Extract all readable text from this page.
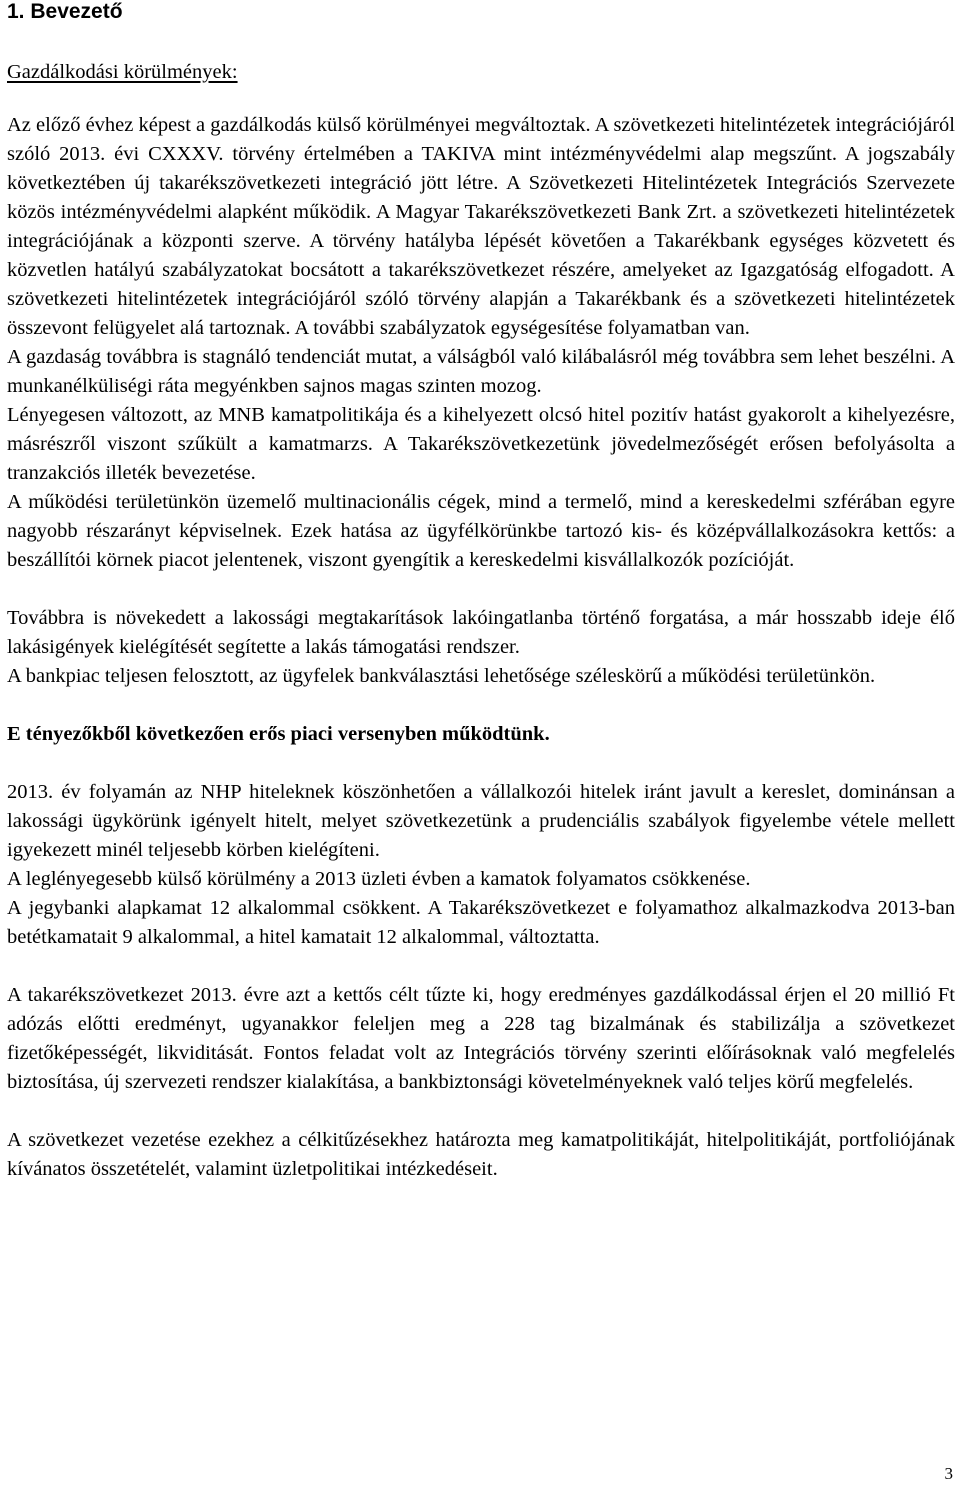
1. Bevezető
Gazdálkodási körülmények:

Az előző évhez képest a gazdálkodás külső körülményei megváltoztak. A szövetkezeti hitelintézetek integrációjáról szóló 2013. évi CXXXV. törvény értelmében a TAKIVA mint intézményvédelmi alap megszűnt. A jogszabály következtében új takarékszövetkezeti integráció jött létre. A Szövetkezeti Hitelintézetek Integrációs Szervezete közös intézményvédelmi alapként működik. A Magyar Takarékszövetkezeti Bank Zrt. a szövetkezeti hitelintézetek integrációjának a központi szerve. A törvény hatályba lépését követően a Takarékbank egységes közvetett és közvetlen hatályú szabályzatokat bocsátott a takarékszövetkezet részére, amelyeket az Igazgatóság elfogadott. A szövetkezeti hitelintézetek integrációjáról szóló törvény alapján a Takarékbank és a szövetkezeti hitelintézetek összevont felügyelet alá tartoznak. A további szabályzatok egységesítése folyamatban van.

A gazdaság továbbra is stagnáló tendenciát mutat, a válságból való kilábalásról még továbbra sem lehet beszélni. A munkanélküliségi ráta megyénkben sajnos magas szinten mozog.

Lényegesen változott, az MNB kamatpolitikája és a kihelyezett olcsó hitel pozitív hatást gyakorolt a kihelyezésre, másrészről viszont szűkült a kamatmarzs. A Takarékszövetkezetünk jövedelmezőségét erősen befolyásolta a tranzakciós illeték bevezetése.

A működési területünkön üzemelő multinacionális cégek, mind a termelő, mind a kereskedelmi szférában egyre nagyobb részarányt képviselnek. Ezek hatása az ügyfélkörünkbe tartozó kis- és középvállalkozásokra kettős: a beszállítói körnek piacot jelentenek, viszont gyengítik a kereskedelmi kisvállalkozók pozícióját.

Továbbra is növekedett a lakossági megtakarítások lakóingatlanba történő forgatása, a már hosszabb ideje élő lakásigények kielégítését segítette a lakás támogatási rendszer.

A bankpiac teljesen felosztott, az ügyfelek bankválasztási lehetősége széleskörű a működési területünkön.

E tényezőkből következően erős piaci versenyben működtünk.

2013. év folyamán az NHP hiteleknek köszönhetően a vállalkozói hitelek iránt javult a kereslet, dominánsan a lakossági ügykörünk igényelt hitelt, melyet szövetkezetünk a prudenciális szabályok figyelembe vétele mellett igyekezett minél teljesebb körben kielégíteni.

A leglényegesebb külső körülmény a 2013 üzleti évben a kamatok folyamatos csökkenése.

A jegybanki alapkamat 12 alkalommal csökkent. A Takarékszövetkezet e folyamathoz alkalmazkodva 2013-ban betétkamatait 9 alkalommal, a hitel kamatait 12 alkalommal, változtatta.

A takarékszövetkezet 2013. évre azt a kettős célt tűzte ki, hogy eredményes gazdálkodással érjen el 20 millió Ft adózás előtti eredményt, ugyanakkor feleljen meg a 228 tag bizalmának és stabilizálja a szövetkezet fizetőképességét, likviditását. Fontos feladat volt az Integrációs törvény szerinti előírásoknak való megfelelés biztosítása, új szervezeti rendszer kialakítása, a bankbiztonsági követelményeknek való teljes körű megfelelés.

A szövetkezet vezetése ezekhez a célkitűzésekhez határozta meg kamatpolitikáját, hitelpolitikáját, portfoliójának kívánatos összetételét, valamint üzletpolitikai intézkedéseit.

3
